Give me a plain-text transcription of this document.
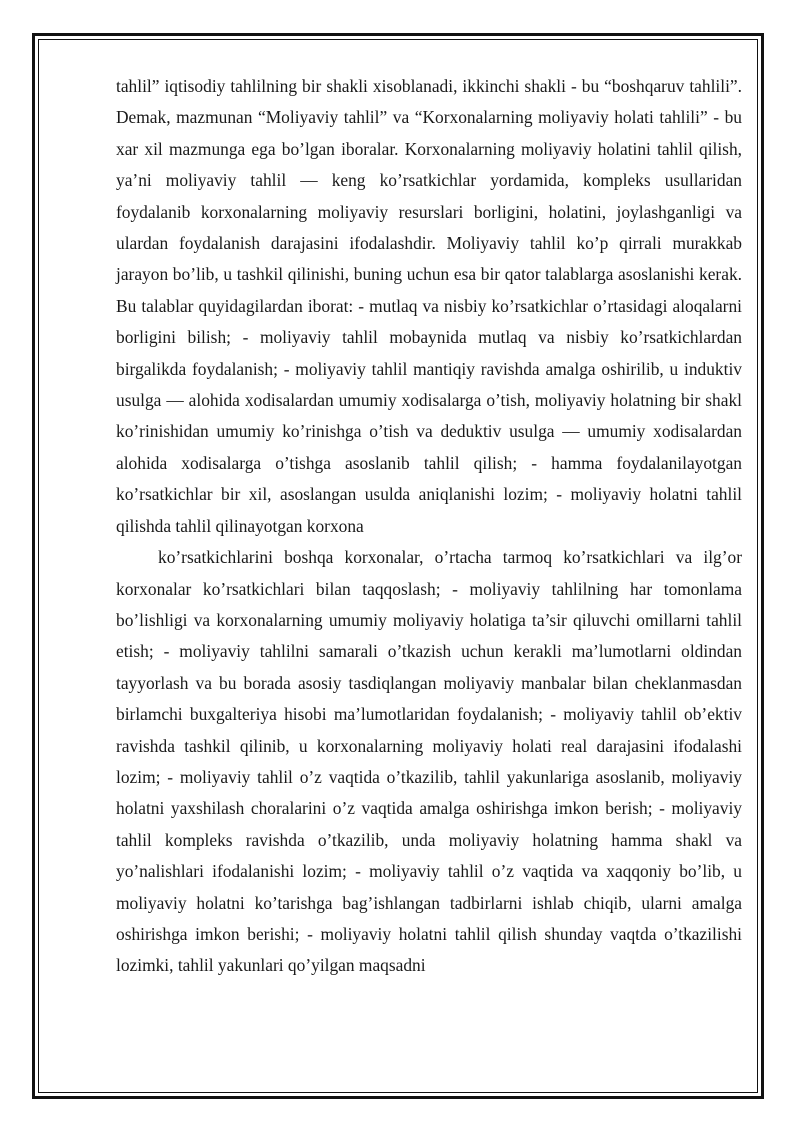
tahlil” iqtisodiy tahlilning bir shakli xisoblanadi, ikkinchi shakli - bu “boshqaruv tahlili”. Demak, mazmunan “Moliyaviy tahlil” va “Korxonalarning moliyaviy holati tahlili” - bu xar xil mazmunga ega bo’lgan iboralar. Korxonalarning moliyaviy holatini tahlil qilish, ya’ni moliyaviy tahlil — keng ko’rsatkichlar yordamida, kompleks usullaridan foydalanib korxonalarning moliyaviy resurslari borligini, holatini, joylashganligi va ulardan foydalanish darajasini ifodalashdir. Moliyaviy tahlil ko’p qirrali murakkab jarayon bo’lib, u tashkil qilinishi, buning uchun esa bir qator talablarga asoslanishi kerak. Bu talablar quyidagilardan iborat: - mutlaq va nisbiy ko’rsatkichlar o’rtasidagi aloqalarni borligini bilish; - moliyaviy tahlil mobaynida mutlaq va nisbiy ko’rsatkichlardan birgalikda foydalanish; - moliyaviy tahlil mantiqiy ravishda amalga oshirilib, u induktiv usulga — alohida xodisalardan umumiy xodisalarga o’tish, moliyaviy holatning bir shakl ko’rinishidan umumiy ko’rinishga o’tish va deduktiv usulga — umumiy xodisalardan alohida xodisalarga o’tishga asoslanib tahlil qilish; - hamma foydalanilayotgan ko’rsatkichlar bir xil, asoslangan usulda aniqlanishi lozim; - moliyaviy holatni tahlil qilishda tahlil qilinayotgan korxona

ko’rsatkichlarini boshqa korxonalar, o’rtacha tarmoq ko’rsatkichlari va ilg’or korxonalar ko’rsatkichlari bilan taqqoslash; - moliyaviy tahlilning har tomonlama bo’lishligi va korxonalarning umumiy moliyaviy holatiga ta’sir qiluvchi omillarni tahlil etish; - moliyaviy tahlilni samarali o’tkazish uchun kerakli ma’lumotlarni oldindan tayyorlash va bu borada asosiy tasdiqlangan moliyaviy manbalar bilan cheklanmasdan birlamchi buxgalteriya hisobi ma’lumotlaridan foydalanish; - moliyaviy tahlil ob’ektiv ravishda tashkil qilinib, u korxonalarning moliyaviy holati real darajasini ifodalashi lozim; - moliyaviy tahlil o’z vaqtida o’tkazilib, tahlil yakunlariga asoslanib, moliyaviy holatni yaxshilash choralarini o’z vaqtida amalga oshirishga imkon berish; - moliyaviy tahlil kompleks ravishda o’tkazilib, unda moliyaviy holatning hamma shakl va yo’nalishlari ifodalanishi lozim; - moliyaviy tahlil o’z vaqtida va xaqqoniy bo’lib, u moliyaviy holatni ko’tarishga bag’ishlangan tadbirlarni ishlab chiqib, ularni amalga oshirishga imkon berishi; - moliyaviy holatni tahlil qilish shunday vaqtda o’tkazilishi lozimki, tahlil yakunlari qo’yilgan maqsadni
